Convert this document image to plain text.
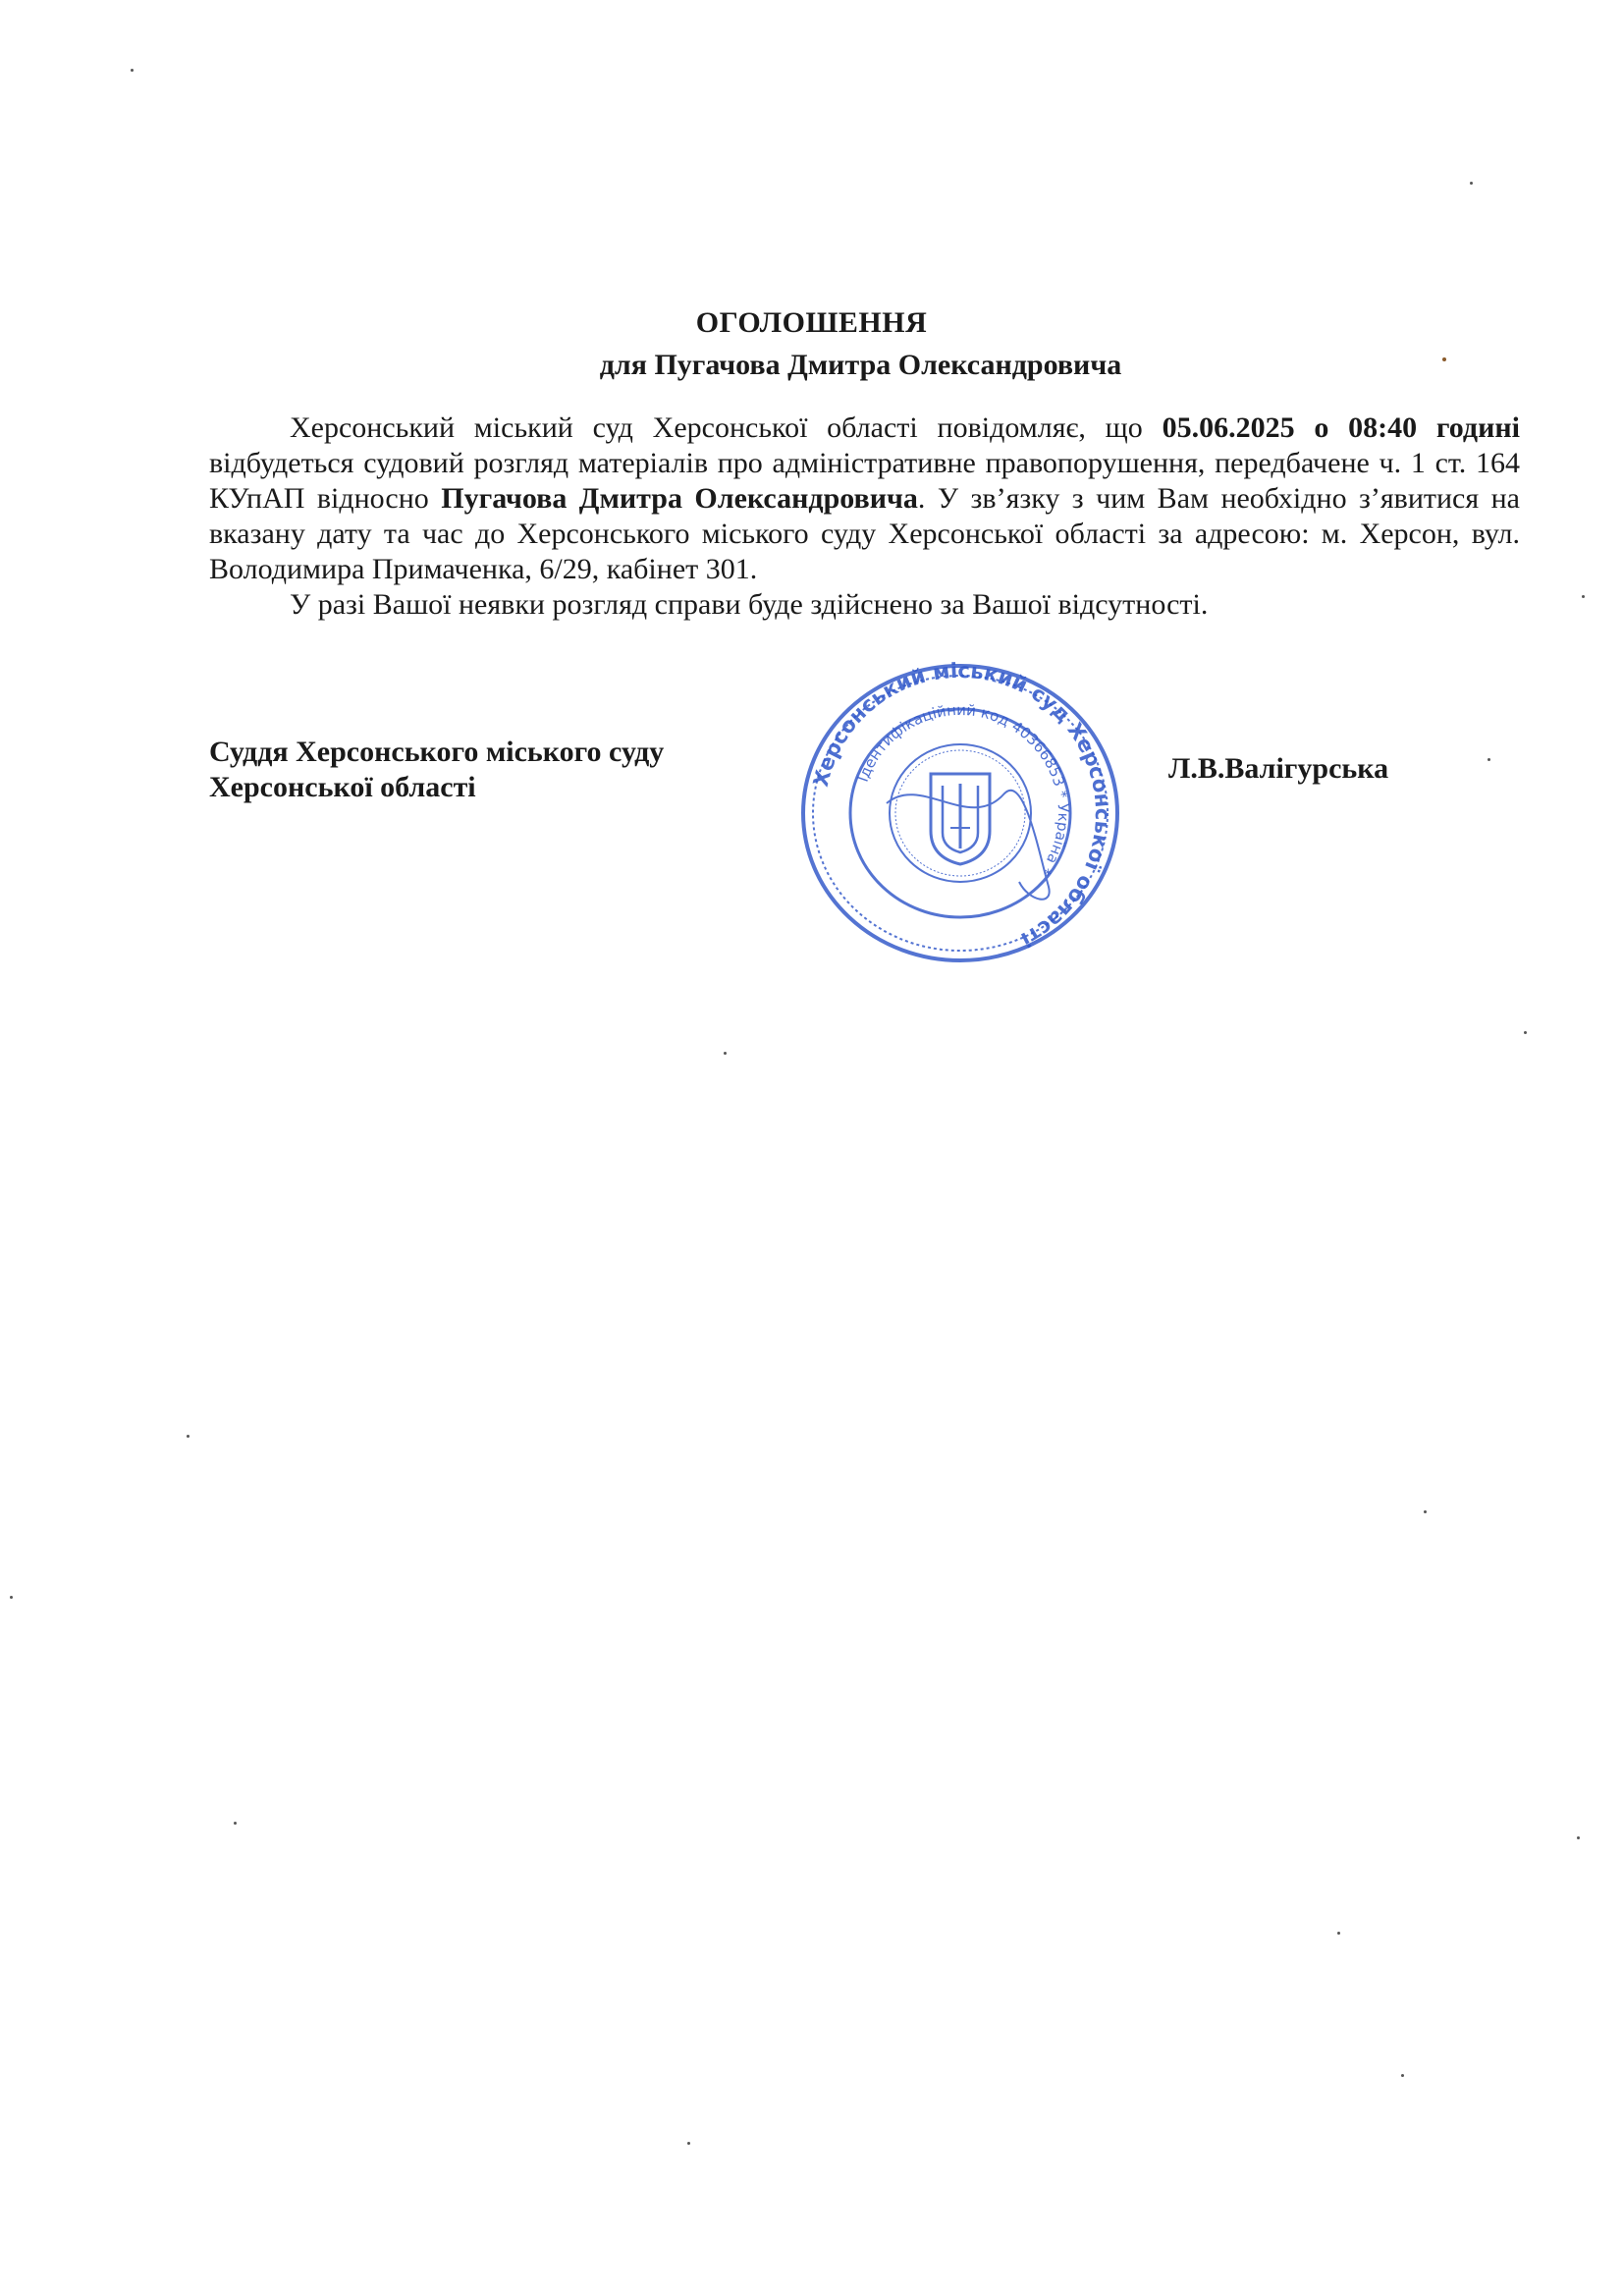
ОГОЛОШЕННЯ
для Пугачова Дмитра Олександровича

Херсонський міський суд Херсонської області повідомляє, що 05.06.2025 о 08:40 годині відбудеться судовий розгляд матеріалів про адміністративне правопорушення, передбачене ч. 1 ст. 164 КУпАП відносно Пугачова Дмитра Олександровича. У зв’язку з чим Вам необхідно з’явитися на вказану дату та час до Херсонського міського суду Херсонської області за адресою: м. Херсон, вул. Володимира Примаченка, 6/29, кабінет 301.

У разі Вашої неявки розгляд справи буде здійснено за Вашої відсутності.

Суддя Херсонського міського суду
Херсонської області
Л.В.Валігурська
Херсонський міський суд Херсонської області
Ідентифікаційний код 40366853 * Україна *
